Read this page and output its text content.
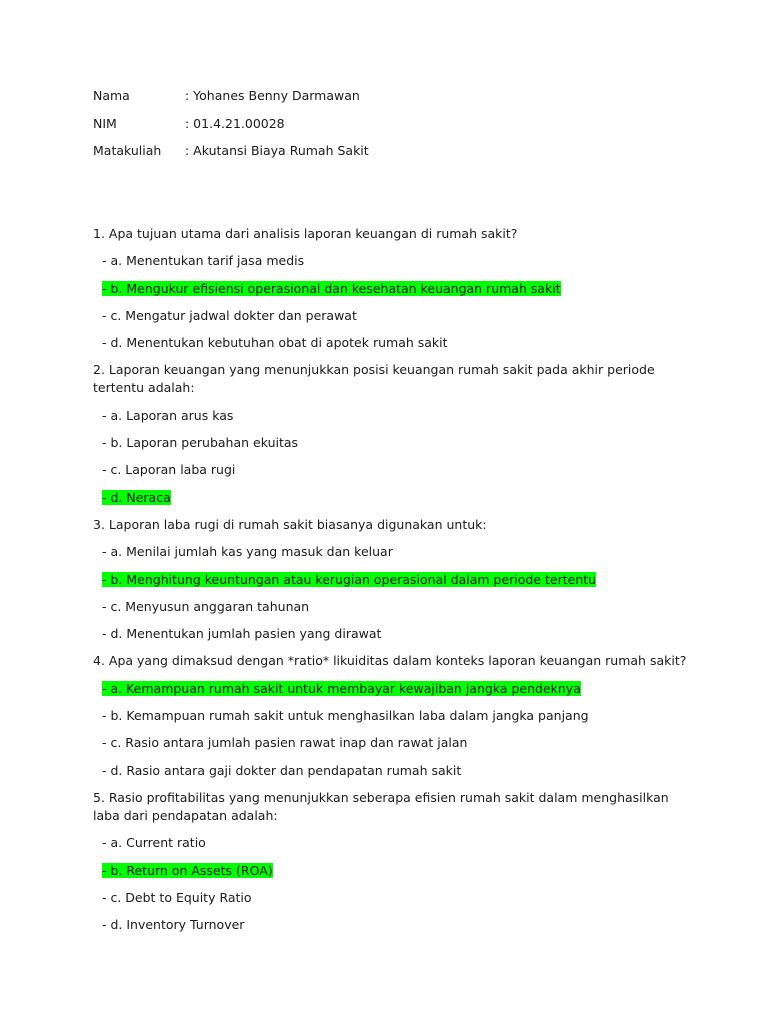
Nama	: Yohanes Benny Darmawan
NIM	: 01.4.21.00028
Matakuliah : Akutansi Biaya Rumah Sakit
1. Apa tujuan utama dari analisis laporan keuangan di rumah sakit?
- a. Menentukan tarif jasa medis
- b. Mengukur efisiensi operasional dan kesehatan keuangan rumah sakit
- c. Mengatur jadwal dokter dan perawat
- d. Menentukan kebutuhan obat di apotek rumah sakit
2. Laporan keuangan yang menunjukkan posisi keuangan rumah sakit pada akhir periode tertentu adalah:
- a. Laporan arus kas
- b. Laporan perubahan ekuitas
- c. Laporan laba rugi
- d. Neraca
3. Laporan laba rugi di rumah sakit biasanya digunakan untuk:
- a. Menilai jumlah kas yang masuk dan keluar
- b. Menghitung keuntungan atau kerugian operasional dalam periode tertentu
- c. Menyusun anggaran tahunan
- d. Menentukan jumlah pasien yang dirawat
4. Apa yang dimaksud dengan *ratio* likuiditas dalam konteks laporan keuangan rumah sakit?
- a. Kemampuan rumah sakit untuk membayar kewajiban jangka pendeknya
- b. Kemampuan rumah sakit untuk menghasilkan laba dalam jangka panjang
- c. Rasio antara jumlah pasien rawat inap dan rawat jalan
- d. Rasio antara gaji dokter dan pendapatan rumah sakit
5. Rasio profitabilitas yang menunjukkan seberapa efisien rumah sakit dalam menghasilkan laba dari pendapatan adalah:
- a. Current ratio
- b. Return on Assets (ROA)
- c. Debt to Equity Ratio
- d. Inventory Turnover
